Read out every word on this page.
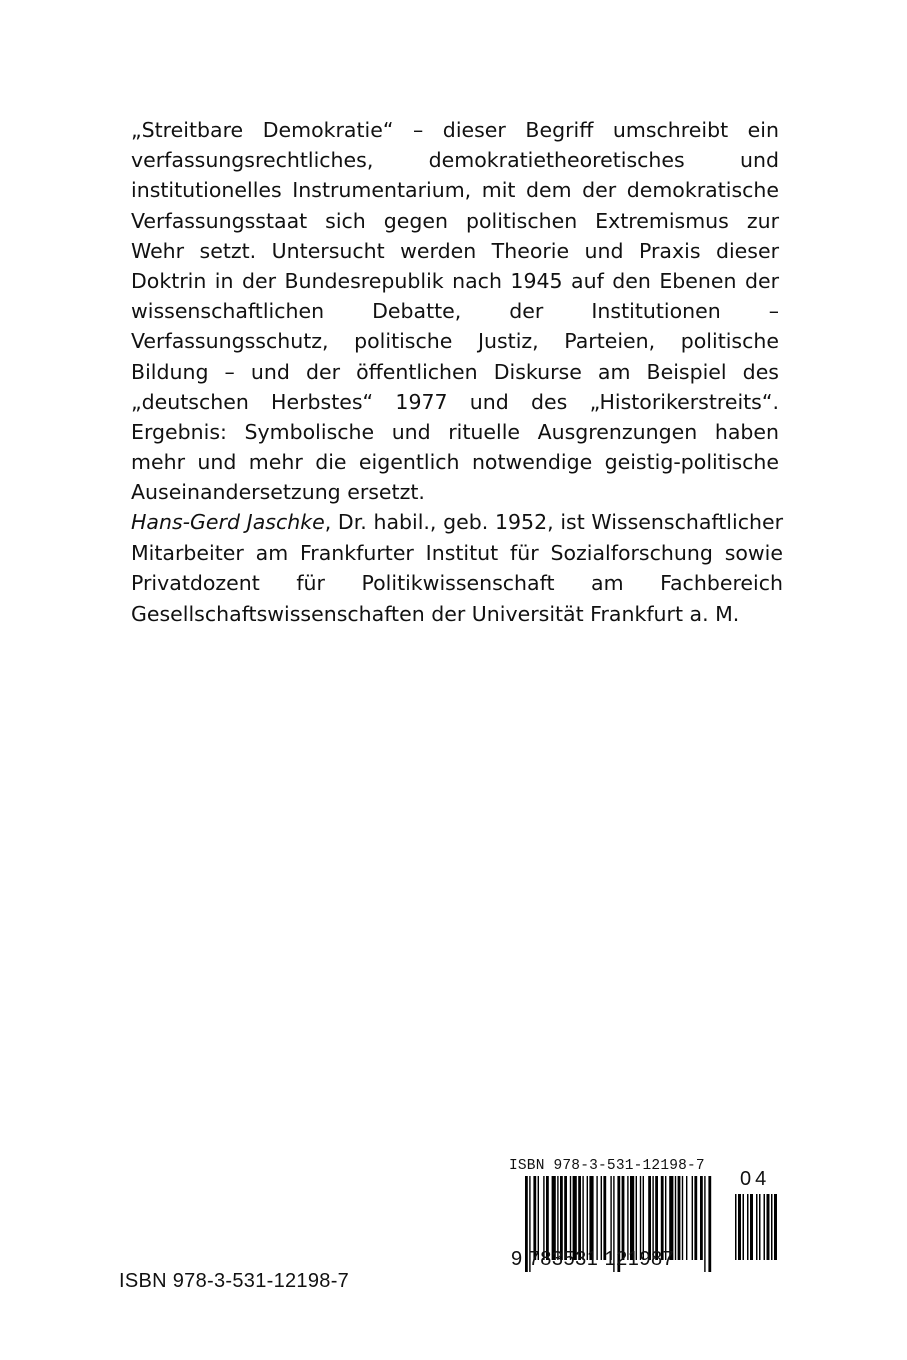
„Streitbare Demokratie“ – dieser Begriff umschreibt ein verfassungsrechtliches, demokratietheoretisches und institutionelles Instrumentarium, mit dem der demokratische Verfassungsstaat sich gegen politischen Extremismus zur Wehr setzt. Untersucht werden Theorie und Praxis dieser Doktrin in der Bundesrepublik nach 1945 auf den Ebenen der wissenschaftlichen Debatte, der Institutionen – Verfassungsschutz, politische Justiz, Parteien, politische Bildung – und der öffentlichen Diskurse am Beispiel des „deutschen Herbstes“ 1977 und des „Historikerstreits“. Ergebnis: Symbolische und rituelle Ausgrenzungen haben mehr und mehr die eigentlich notwendige geistig-politische Auseinandersetzung ersetzt.
Hans-Gerd Jaschke, Dr. habil., geb. 1952, ist Wissenschaftlicher Mitarbeiter am Frankfurter Institut für Sozialforschung sowie Privatdozent für Politikwissenschaft am Fachbereich Gesellschaftswissenschaften der Universität Frankfurt a. M.
ISBN 978-3-531-12198-7
04
9 783531 121987
ISBN 978-3-531-12198-7
